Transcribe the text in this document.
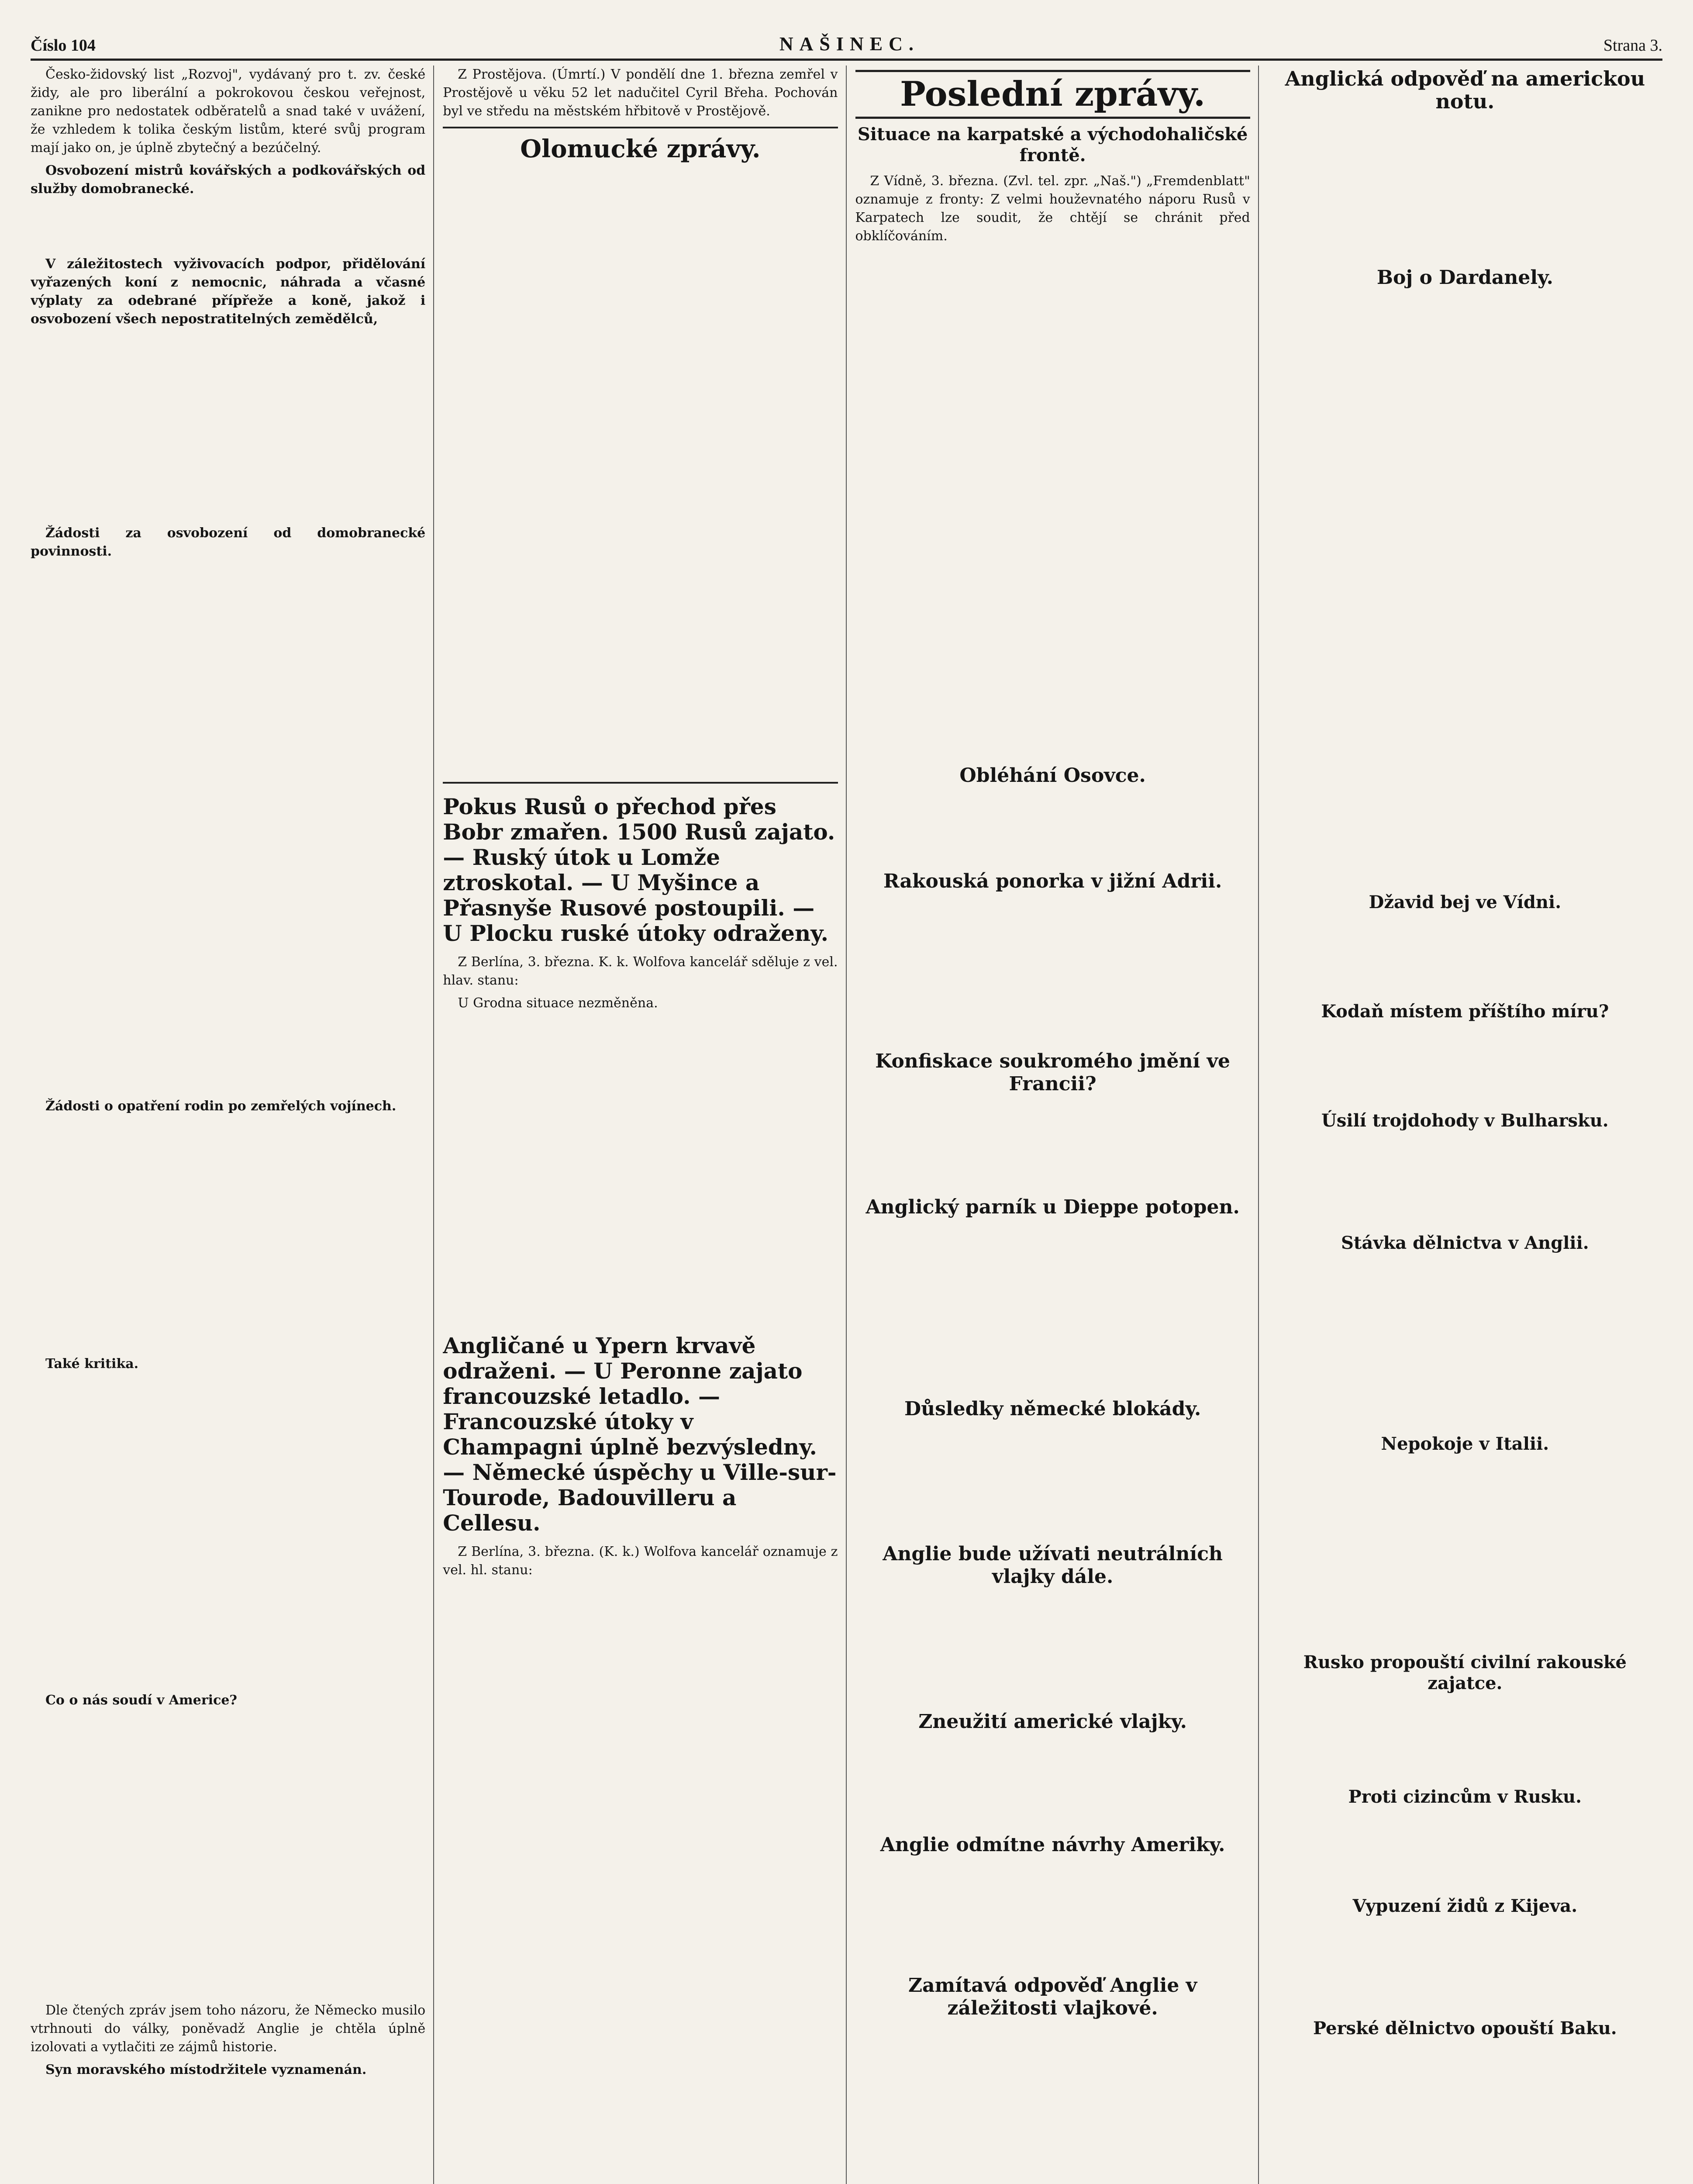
Číslo 104	NAŠINEC.	Strana 3.

Česko-židovský list „Rozvoj", vydávaný pro t. zv. české židy, ale pro liberální a pokrokovou českou veřejnost, zanikne pro nedostatek odběratelů a snad také v uvážení, že vzhledem k tolika českým listům, které svůj program mají jako on, je úplně zbytečný a bezúčelný.

Osvobození mistrů kovářských a podkovářských od služby domobranecké.

V záležitostech vyživovacích podpor, přidělování vyřazených koní z nemocnic, náhrada a včasné výplaty za odebrané přípřeže a koně, jakož i osvobození všech nepostratitelných zemědělců,

Žádosti za osvobození od domobranecké povinnosti.

Žádosti o opatření rodin po zemřelých vojínech.

Také kritika.

Co o nás soudí v Americe?

Dle čtených zpráv jsem toho názoru, že Německo musilo vtrhnouti do války, poněvadž Anglie je chtěla úplně izolovati a vytlačiti ze zájmů historie.

Syn moravského místodržitele vyznamenán.

Z Prostějova. (Úmrtí.) V pondělí dne 1. března zemřel v Prostějově u věku 52 let nadučitel Cyril Břeha. Pochován byl ve středu na městském hřbitově v Prostějově.

Olomucké zprávy.
Pokus Rusů o přechod přes Bobr zmařen. 1500 Rusů zajato. — Ruský útok u Lomže ztroskotal. — U Myšince a Přasnyše Rusové postoupili. — U Plocku ruské útoky odraženy.

Z Berlína, 3. března. K. k. Wolfova kancelář sděluje z vel. hlav. stanu:

U Grodna situace nezměněna.

Angličané u Ypern krvavě odraženi. — U Peronne zajato francouzské letadlo. — Francouzské útoky v Champagni úplně bezvýsledny. — Německé úspěchy u Ville-sur-Tourode, Badouvilleru a Cellesu.

Z Berlína, 3. března. (K. k.) Wolfova kancelář oznamuje z vel. hl. stanu:

Poslední zprávy.
Situace na karpatské a východohaličské frontě.

Z Vídně, 3. března. (Zvl. tel. zpr. „Naš.") „Fremdenblatt" oznamuje z fronty: Z velmi houževnatého náporu Rusů v Karpatech lze soudit, že chtějí se chránit před obklíčováním.

Obléhání Osovce.
Rakouská ponorka v jižní Adrii.
Konfiskace soukromého jmění ve Francii?
Anglický parník u Dieppe potopen.
Důsledky německé blokády.
Anglie bude užívati neutrálních vlajky dále.
Zneužití americké vlajky.
Anglie odmítne návrhy Ameriky.
Zamítavá odpověď Anglie v záležitosti vlajkové.
Anglická odpověď na americkou notu.
Boj o Dardanely.
Džavid bej ve Vídni.
Kodaň místem příštího míru?
Úsilí trojdohody v Bulharsku.
Stávka dělnictva v Anglii.
Nepokoje v Italii.
Rusko propouští civilní rakouské zajatce.
Proti cizincům v Rusku.
Vypuzení židů z Kijeva.
Perské dělnictvo opouští Baku.
